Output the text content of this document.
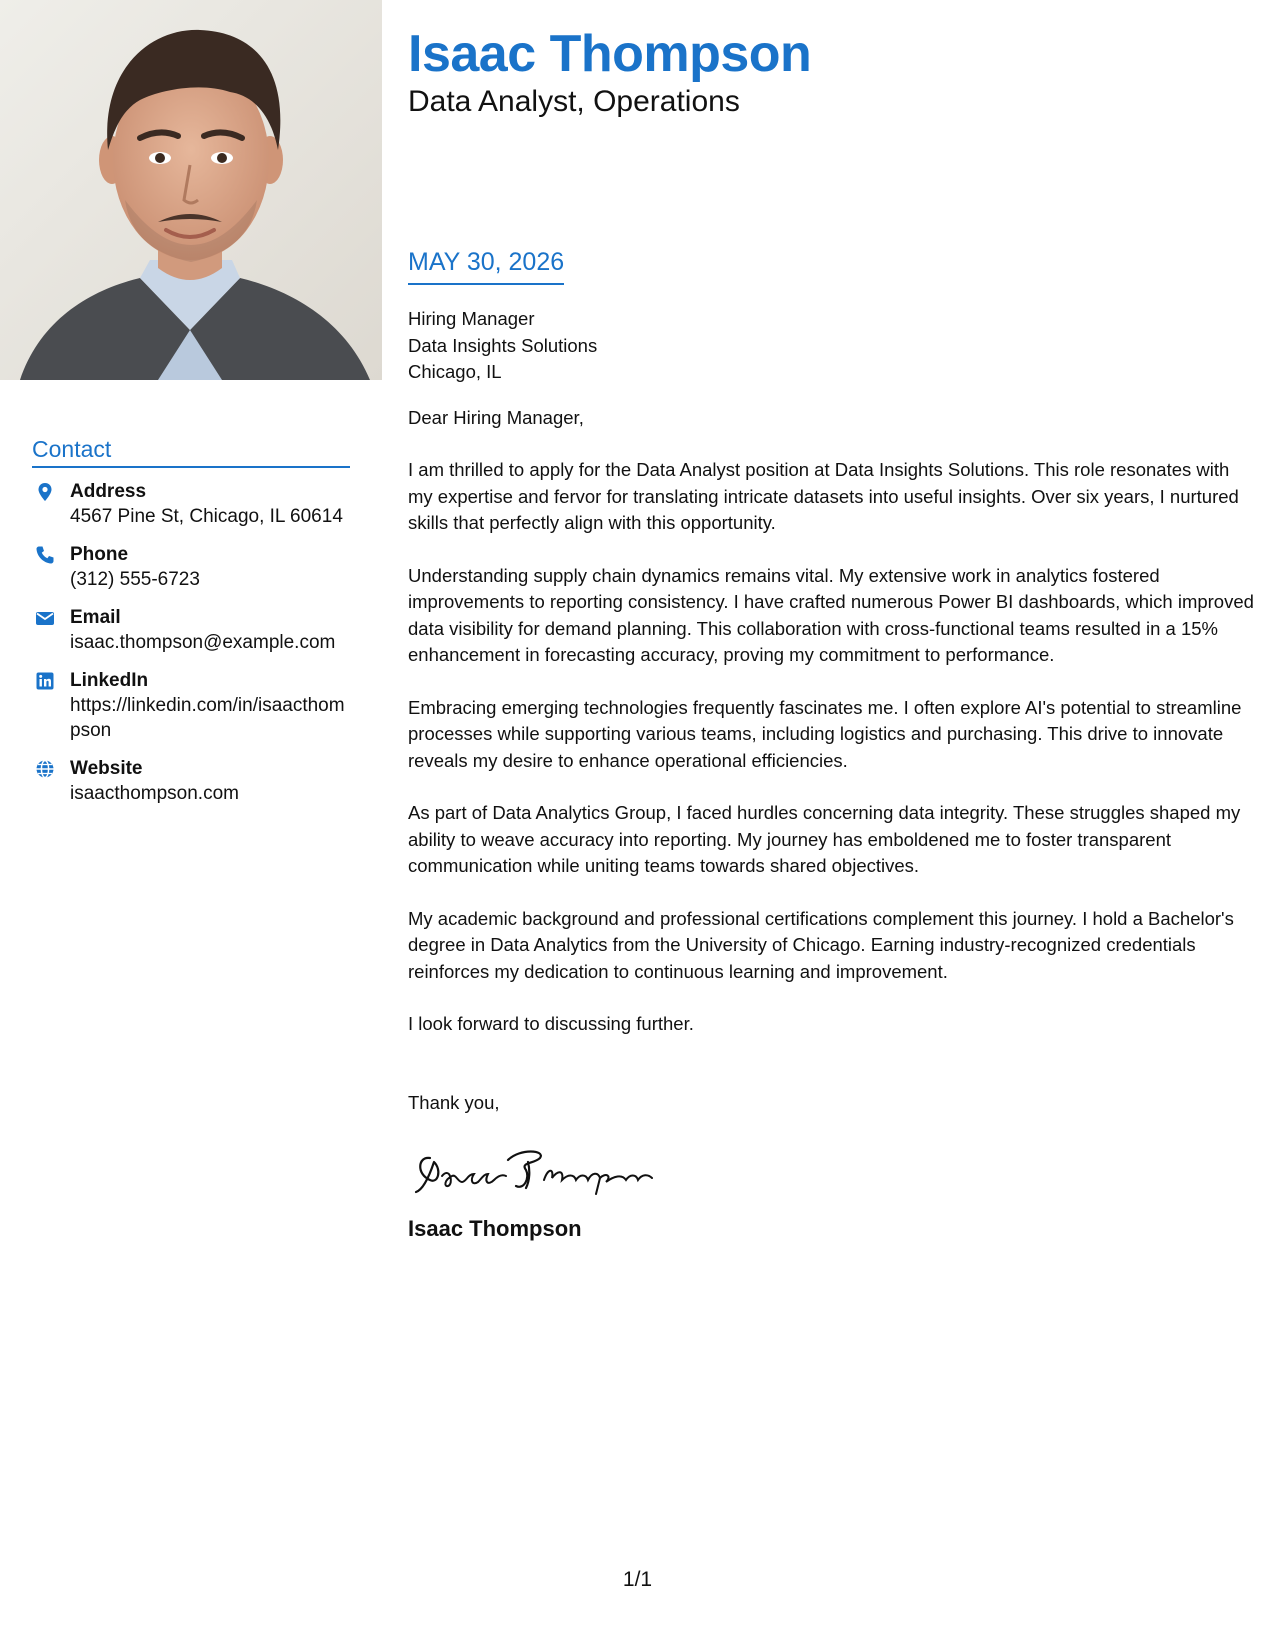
Contact
Address
4567 Pine St, Chicago, IL 60614
Phone
(312) 555-6723
Email
isaac.thompson@example.com
LinkedIn
https://linkedin.com/in/isaacthompson
Website
isaacthompson.com
Isaac Thompson
Data Analyst, Operations
MAY 30, 2026
Hiring Manager
Data Insights Solutions
Chicago, IL
Dear Hiring Manager,

I am thrilled to apply for the Data Analyst position at Data Insights Solutions. This role resonates with my expertise and fervor for translating intricate datasets into useful insights. Over six years, I nurtured skills that perfectly align with this opportunity.

Understanding supply chain dynamics remains vital. My extensive work in analytics fostered improvements to reporting consistency. I have crafted numerous Power BI dashboards, which improved data visibility for demand planning. This collaboration with cross-functional teams resulted in a 15% enhancement in forecasting accuracy, proving my commitment to performance.

Embracing emerging technologies frequently fascinates me. I often explore AI's potential to streamline processes while supporting various teams, including logistics and purchasing. This drive to innovate reveals my desire to enhance operational efficiencies.

As part of Data Analytics Group, I faced hurdles concerning data integrity. These struggles shaped my ability to weave accuracy into reporting. My journey has emboldened me to foster transparent communication while uniting teams towards shared objectives.

My academic background and professional certifications complement this journey. I hold a Bachelor's degree in Data Analytics from the University of Chicago. Earning industry-recognized credentials reinforces my dedication to continuous learning and improvement.

I look forward to discussing further.

Thank you,
Isaac Thompson
1/1
